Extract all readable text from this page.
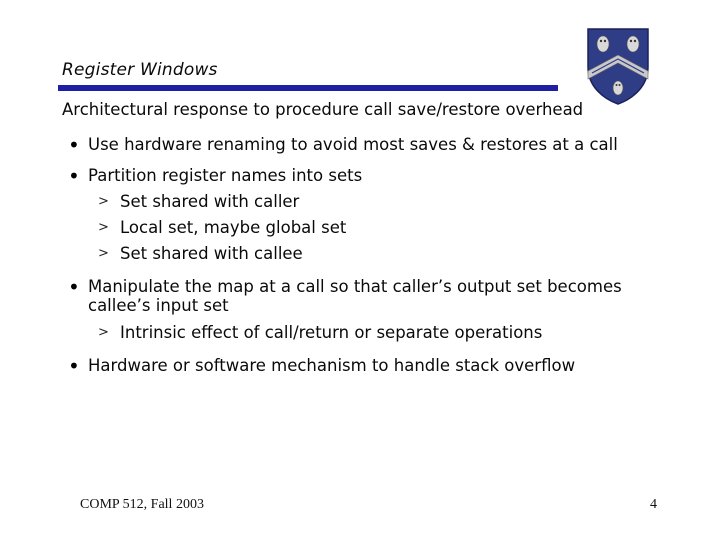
Register Windows
Architectural response to procedure call save/restore overhead
• Use hardware renaming to avoid most saves & restores at a call
• Partition register names into sets
> Set shared with caller
> Local set, maybe global set
> Set shared with callee
• Manipulate the map at a call so that caller’s output set becomes callee’s input set
> Intrinsic effect of call/return or separate operations
• Hardware or software mechanism to handle stack overflow
COMP 512, Fall 2003	4
